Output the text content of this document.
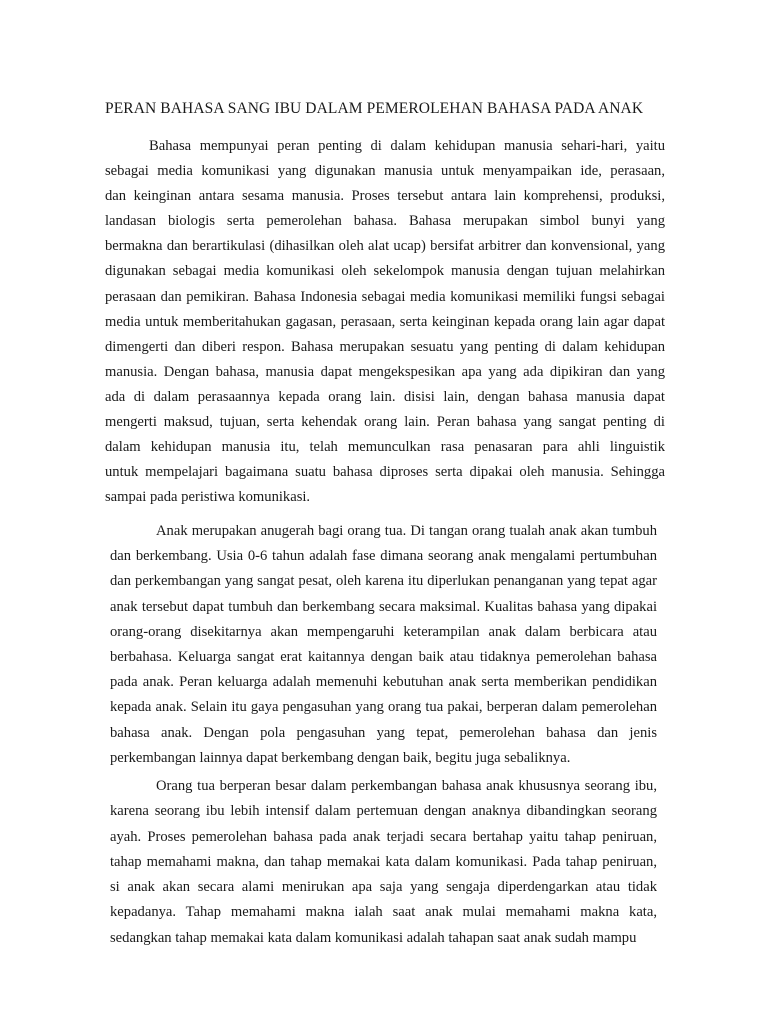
PERAN BAHASA SANG IBU DALAM PEMEROLEHAN BAHASA PADA ANAK
Bahasa mempunyai peran penting di dalam kehidupan manusia sehari-hari, yaitu
sebagai media komunikasi yang digunakan manusia untuk menyampaikan ide, perasaan,
dan keinginan antara sesama manusia. Proses tersebut antara lain komprehensi, produksi,
landasan biologis serta pemerolehan bahasa. Bahasa merupakan simbol bunyi yang
bermakna dan berartikulasi (dihasilkan oleh alat ucap) bersifat arbitrer dan konvensional, yang
digunakan sebagai media komunikasi oleh sekelompok manusia dengan tujuan melahirkan
perasaan dan pemikiran. Bahasa Indonesia sebagai media komunikasi memiliki fungsi sebagai
media untuk memberitahukan gagasan, perasaan, serta keinginan kepada orang lain agar dapat
dimengerti dan diberi respon. Bahasa merupakan sesuatu yang penting di dalam kehidupan
manusia. Dengan bahasa, manusia dapat mengekspesikan apa yang ada dipikiran dan yang
ada di dalam perasaannya kepada orang lain. disisi lain, dengan bahasa manusia dapat
mengerti maksud, tujuan, serta kehendak orang lain. Peran bahasa yang sangat penting di
dalam kehidupan manusia itu, telah memunculkan rasa penasaran para ahli linguistik
untuk mempelajari bagaimana suatu bahasa diproses serta dipakai oleh manusia. Sehingga
sampai pada peristiwa komunikasi.
Anak merupakan anugerah bagi orang tua. Di tangan orang tualah anak akan tumbuh
dan berkembang. Usia 0-6 tahun adalah fase dimana seorang anak mengalami pertumbuhan
dan perkembangan yang sangat pesat, oleh karena itu diperlukan penanganan yang tepat agar
anak tersebut dapat tumbuh dan berkembang secara maksimal. Kualitas bahasa yang dipakai
orang-orang disekitarnya akan mempengaruhi keterampilan anak dalam berbicara atau
berbahasa. Keluarga sangat erat kaitannya dengan baik atau tidaknya pemerolehan bahasa
pada anak. Peran keluarga adalah memenuhi kebutuhan anak serta memberikan pendidikan
kepada anak. Selain itu gaya pengasuhan yang orang tua pakai, berperan dalam pemerolehan
bahasa anak. Dengan pola pengasuhan yang tepat, pemerolehan bahasa dan jenis
perkembangan lainnya dapat berkembang dengan baik, begitu juga sebaliknya.
Orang tua berperan besar dalam perkembangan bahasa anak khususnya seorang ibu,
karena seorang ibu lebih intensif dalam pertemuan dengan anaknya dibandingkan seorang
ayah. Proses pemerolehan bahasa pada anak terjadi secara bertahap yaitu tahap peniruan,
tahap memahami makna, dan tahap memakai kata dalam komunikasi. Pada tahap peniruan,
si anak akan secara alami menirukan apa saja yang sengaja diperdengarkan atau tidak
kepadanya. Tahap memahami makna ialah saat anak mulai memahami makna kata,
sedangkan tahap memakai kata dalam komunikasi adalah tahapan saat anak sudah mampu
